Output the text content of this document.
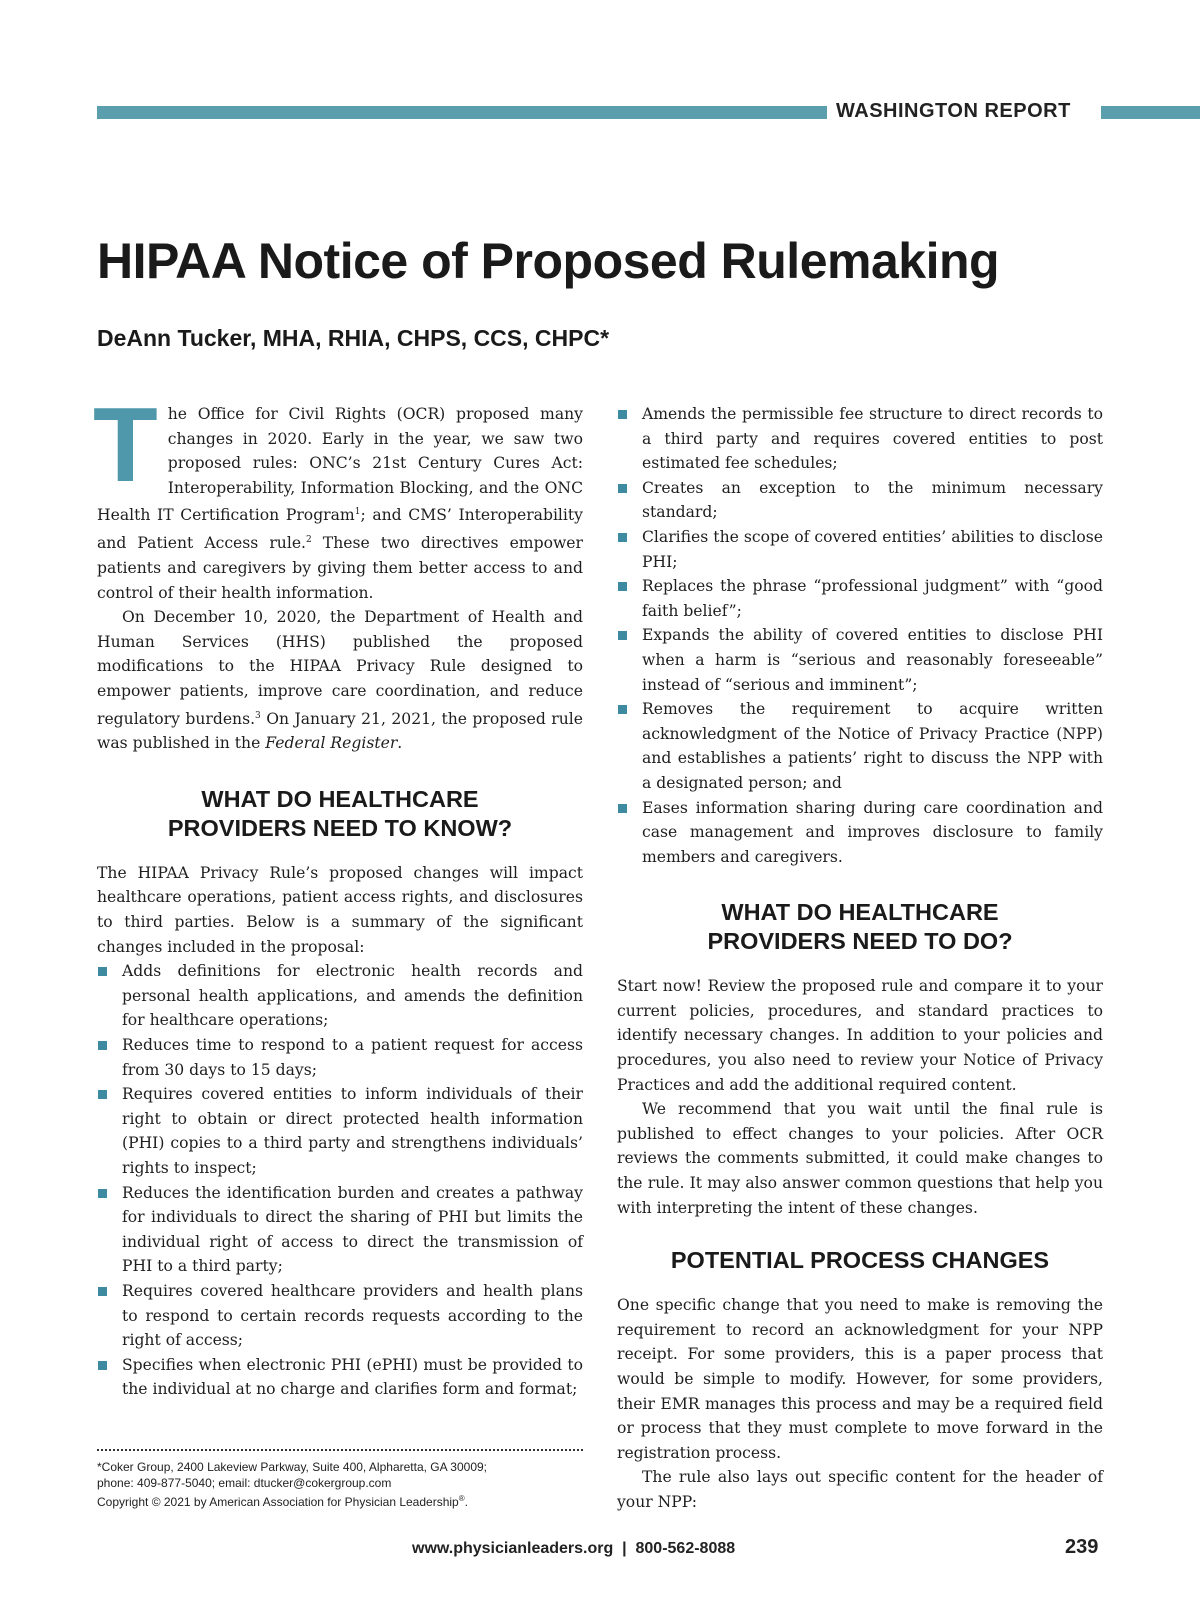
WASHINGTON REPORT
HIPAA Notice of Proposed Rulemaking
DeAnn Tucker, MHA, RHIA, CHPS, CCS, CHPC*

The Office for Civil Rights (OCR) proposed many changes in 2020. Early in the year, we saw two proposed rules: ONC’s 21st Century Cures Act: Interoperability, Information Blocking, and the ONC Health IT Certification Program$^1$; and CMS’ Interoperability and Patient Access rule.$^2$ These two directives empower patients and caregivers by giving them better access to and control of their health information.

On December 10, 2020, the Department of Health and Human Services (HHS) published the proposed modifications to the HIPAA Privacy Rule designed to empower patients, improve care coordination, and reduce regulatory burdens.$^3$ On January 21, 2021, the proposed rule was published in the Federal Register.

WHAT DO HEALTHCARE
PROVIDERS NEED TO KNOW?

The HIPAA Privacy Rule’s proposed changes will impact healthcare operations, patient access rights, and disclosures to third parties. Below is a summary of the significant changes included in the proposal:

Adds definitions for electronic health records and personal health applications, and amends the definition for healthcare operations;
Reduces time to respond to a patient request for access from 30 days to 15 days;
Requires covered entities to inform individuals of their right to obtain or direct protected health information (PHI) copies to a third party and strengthens individuals’ rights to inspect;
Reduces the identification burden and creates a pathway for individuals to direct the sharing of PHI but limits the individual right of access to direct the transmission of PHI to a third party;
Requires covered healthcare providers and health plans to respond to certain records requests according to the right of access;
Specifies when electronic PHI (ePHI) must be provided to the individual at no charge and clarifies form and format;
Amends the permissible fee structure to direct records to a third party and requires covered entities to post estimated fee schedules;
Creates an exception to the minimum necessary standard;
Clarifies the scope of covered entities’ abilities to disclose PHI;
Replaces the phrase “professional judgment” with “good faith belief”;
Expands the ability of covered entities to disclose PHI when a harm is “serious and reasonably foreseeable” instead of “serious and imminent”;
Removes the requirement to acquire written acknowledgment of the Notice of Privacy Practice (NPP) and establishes a patients’ right to discuss the NPP with a designated person; and
Eases information sharing during care coordination and case management and improves disclosure to family members and caregivers.
WHAT DO HEALTHCARE
PROVIDERS NEED TO DO?

Start now! Review the proposed rule and compare it to your current policies, procedures, and standard practices to identify necessary changes. In addition to your policies and procedures, you also need to review your Notice of Privacy Practices and add the additional required content.

We recommend that you wait until the final rule is published to effect changes to your policies. After OCR reviews the comments submitted, it could make changes to the rule. It may also answer common questions that help you with interpreting the intent of these changes.

POTENTIAL PROCESS CHANGES

One specific change that you need to make is removing the requirement to record an acknowledgment for your NPP receipt. For some providers, this is a paper process that would be simple to modify. However, for some providers, their EMR manages this process and may be a required field or process that they must complete to move forward in the registration process.

The rule also lays out specific content for the header of your NPP:

*Coker Group, 2400 Lakeview Parkway, Suite 400, Alpharetta, GA 30009;
phone: 409-877-5040; email: dtucker@cokergroup.com
Copyright © 2021 by American Association for Physician Leadership®.
www.physicianleaders.org  |  800-562-8088	239
